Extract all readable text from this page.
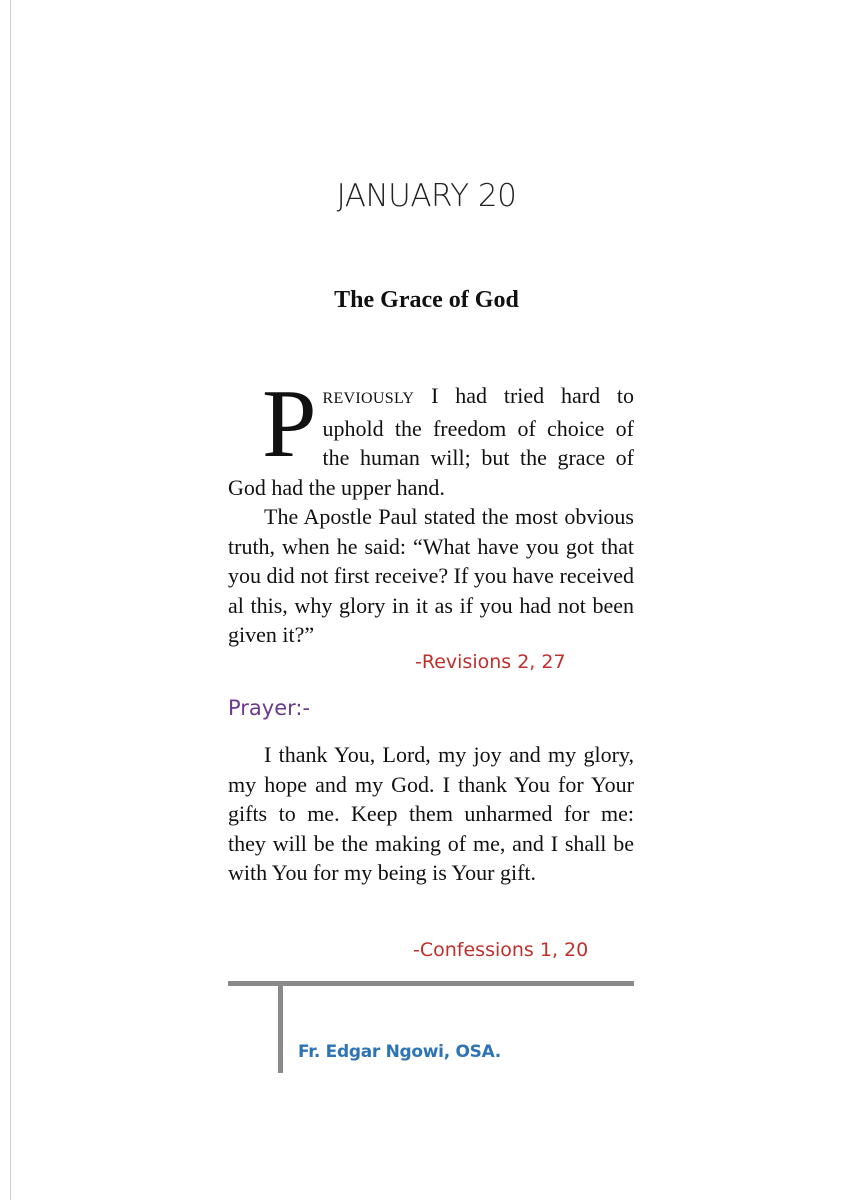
JANUARY 20
The Grace of God

PREVIOUSLY I had tried hard to uphold the freedom of choice of the human will; but the grace of God had the upper hand.

The Apostle Paul stated the most obvious truth, when he said: “What have you got that you did not first receive? If you have received al this, why glory in it as if you had not been given it?”

-Revisions 2, 27
Prayer:-

I thank You, Lord, my joy and my glory, my hope and my God. I thank You for Your gifts to me. Keep them unharmed for me: they will be the making of me, and I shall be with You for my being is Your gift.

-Confessions 1, 20
Fr. Edgar Ngowi, OSA.
